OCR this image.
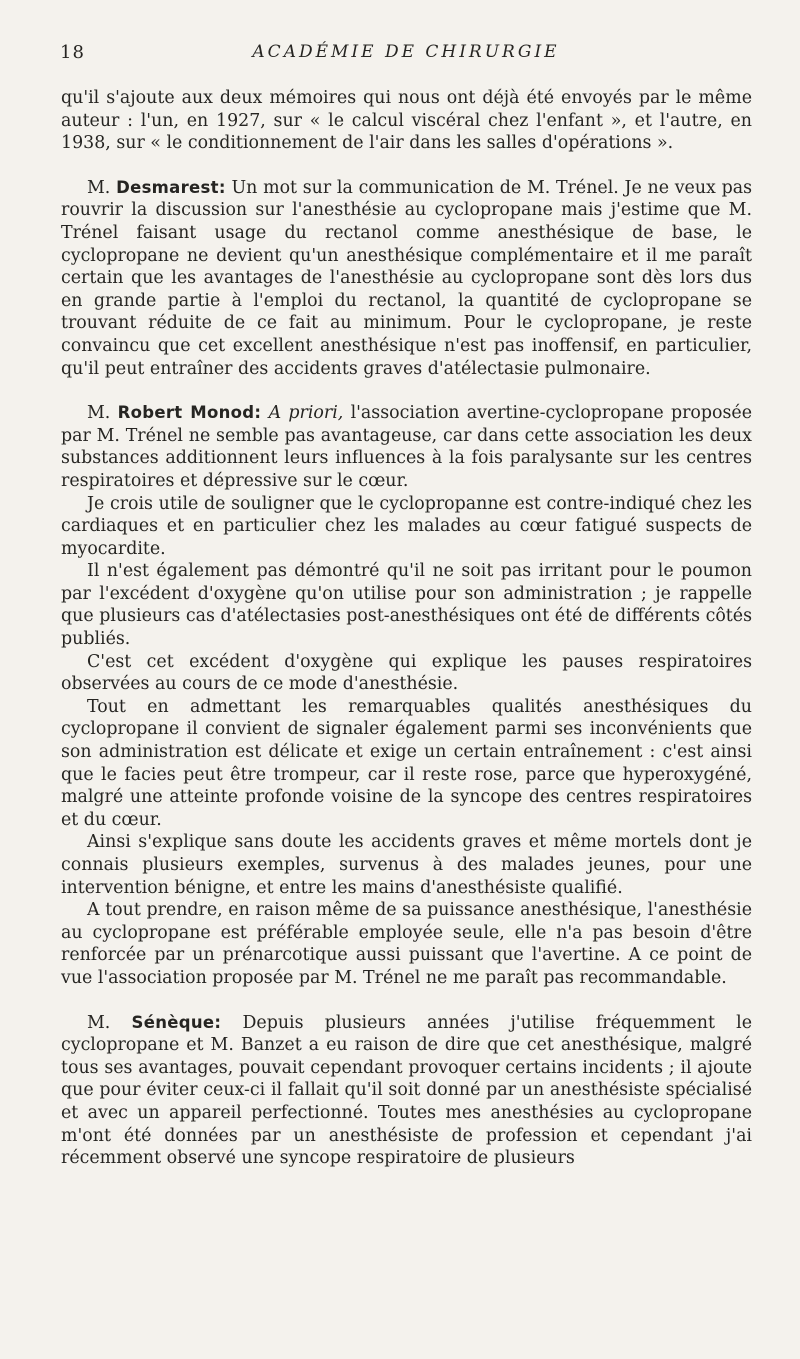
18	ACADÉMIE DE CHIRURGIE

qu'il s'ajoute aux deux mémoires qui nous ont déjà été envoyés par le même auteur : l'un, en 1927, sur « le calcul viscéral chez l'enfant », et l'autre, en 1938, sur « le conditionnement de l'air dans les salles d'opérations ».

M. Desmarest: Un mot sur la communication de M. Trénel. Je ne veux pas rouvrir la discussion sur l'anesthésie au cyclopropane mais j'estime que M. Trénel faisant usage du rectanol comme anesthésique de base, le cyclopropane ne devient qu'un anesthésique complémentaire et il me paraît certain que les avantages de l'anesthésie au cyclopropane sont dès lors dus en grande partie à l'emploi du rectanol, la quantité de cyclopropane se trouvant réduite de ce fait au minimum. Pour le cyclopropane, je reste convaincu que cet excellent anesthésique n'est pas inoffensif, en particulier, qu'il peut entraîner des accidents graves d'atélectasie pulmonaire.

M. Robert Monod: A priori, l'association avertine-cyclopropane proposée par M. Trénel ne semble pas avantageuse, car dans cette association les deux substances additionnent leurs influences à la fois paralysante sur les centres respiratoires et dépressive sur le cœur.

Je crois utile de souligner que le cyclopropanne est contre-indiqué chez les cardiaques et en particulier chez les malades au cœur fatigué suspects de myocardite.

Il n'est également pas démontré qu'il ne soit pas irritant pour le poumon par l'excédent d'oxygène qu'on utilise pour son administration ; je rappelle que plusieurs cas d'atélectasies post-anesthésiques ont été de différents côtés publiés.

C'est cet excédent d'oxygène qui explique les pauses respiratoires observées au cours de ce mode d'anesthésie.

Tout en admettant les remarquables qualités anesthésiques du cyclopropane il convient de signaler également parmi ses inconvénients que son administration est délicate et exige un certain entraînement : c'est ainsi que le facies peut être trompeur, car il reste rose, parce que hyperoxygéné, malgré une atteinte profonde voisine de la syncope des centres respiratoires et du cœur.

Ainsi s'explique sans doute les accidents graves et même mortels dont je connais plusieurs exemples, survenus à des malades jeunes, pour une intervention bénigne, et entre les mains d'anesthésiste qualifié.

A tout prendre, en raison même de sa puissance anesthésique, l'anesthésie au cyclopropane est préférable employée seule, elle n'a pas besoin d'être renforcée par un prénarcotique aussi puissant que l'avertine. A ce point de vue l'association proposée par M. Trénel ne me paraît pas recommandable.

M. Sénèque: Depuis plusieurs années j'utilise fréquemment le cyclopropane et M. Banzet a eu raison de dire que cet anesthésique, malgré tous ses avantages, pouvait cependant provoquer certains incidents ; il ajoute que pour éviter ceux-ci il fallait qu'il soit donné par un anesthésiste spécialisé et avec un appareil perfectionné. Toutes mes anesthésies au cyclopropane m'ont été données par un anesthésiste de profession et cependant j'ai récemment observé une syncope respiratoire de plusieurs
